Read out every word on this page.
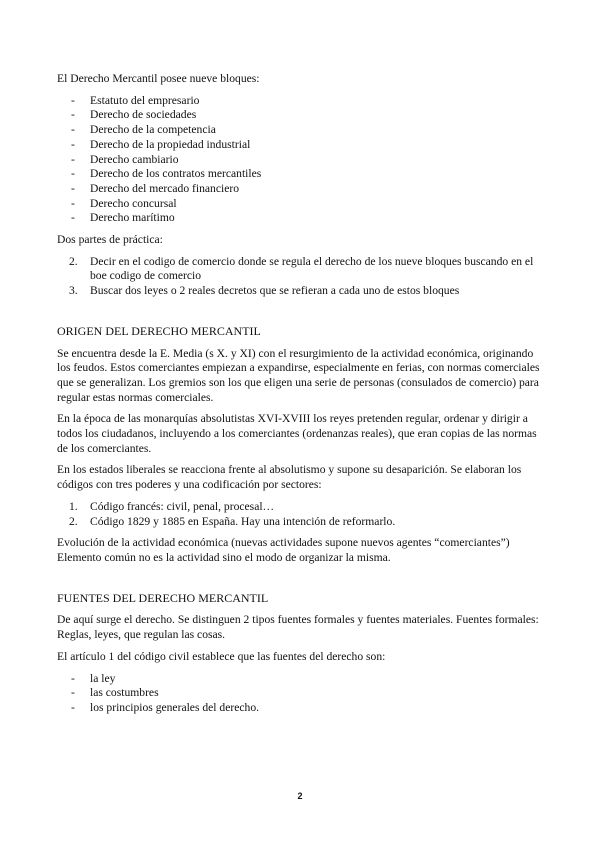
El Derecho Mercantil posee nueve bloques:

- Estatuto del empresario
- Derecho de sociedades
- Derecho de la competencia
- Derecho de la propiedad industrial
- Derecho cambiario
- Derecho de los contratos mercantiles
- Derecho del mercado financiero
- Derecho concursal
- Derecho marítimo

Dos partes de práctica:

2. Decir en el codigo de comercio donde se regula el derecho de los nueve bloques buscando en el boe codigo de comercio
3. Buscar dos leyes o 2 reales decretos que se refieran a cada uno de estos bloques

ORIGEN DEL DERECHO MERCANTIL

Se encuentra desde la E. Media (s X. y XI) con el resurgimiento de la actividad económica, originando los feudos. Estos comerciantes empiezan a expandirse, especialmente en ferias, con normas comerciales que se generalizan. Los gremios son los que eligen una serie de personas (consulados de comercio) para regular estas normas comerciales.

En la época de las monarquías absolutistas XVI-XVIII los reyes pretenden regular, ordenar y dirigir a todos los ciudadanos, incluyendo a los comerciantes (ordenanzas reales), que eran copias de las normas de los comerciantes.

En los estados liberales se reacciona frente al absolutismo y supone su desaparición. Se elaboran los códigos con tres poderes y una codificación por sectores:

1. Código francés: civil, penal, procesal…
2. Código 1829 y 1885 en España. Hay una intención de reformarlo.

Evolución de la actividad económica (nuevas actividades supone nuevos agentes “comerciantes”) Elemento común no es la actividad sino el modo de organizar la misma.

FUENTES DEL DERECHO MERCANTIL

De aquí surge el derecho. Se distinguen 2 tipos fuentes formales y fuentes materiales. Fuentes formales: Reglas, leyes, que regulan las cosas.

El artículo 1 del código civil establece que las fuentes del derecho son:

- la ley
- las costumbres
- los principios generales del derecho.
2
